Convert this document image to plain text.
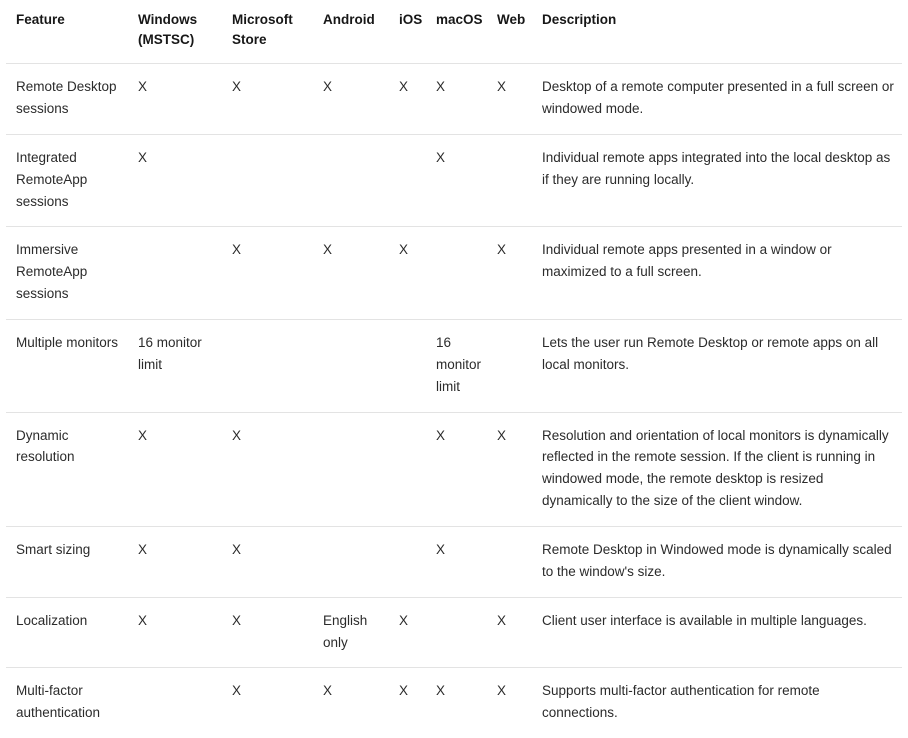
Feature	Windows (MSTSC)	Microsoft Store	Android	iOS	macOS	Web	Description
Remote Desktop sessions	X	X	X	X	X	X	Desktop of a remote computer presented in a full screen or windowed mode.
Integrated RemoteApp sessions	X				X		Individual remote apps integrated into the local desktop as if they are running locally.
Immersive RemoteApp sessions		X	X	X		X	Individual remote apps presented in a window or maximized to a full screen.
Multiple monitors	16 monitor limit				16 monitor limit		Lets the user run Remote Desktop or remote apps on all local monitors.
Dynamic resolution	X	X			X	X	Resolution and orientation of local monitors is dynamically reflected in the remote session. If the client is running in windowed mode, the remote desktop is resized dynamically to the size of the client window.
Smart sizing	X	X			X		Remote Desktop in Windowed mode is dynamically scaled to the window's size.
Localization	X	X	English only	X		X	Client user interface is available in multiple languages.
Multi-factor authentication		X	X	X	X	X	Supports multi-factor authentication for remote connections.
